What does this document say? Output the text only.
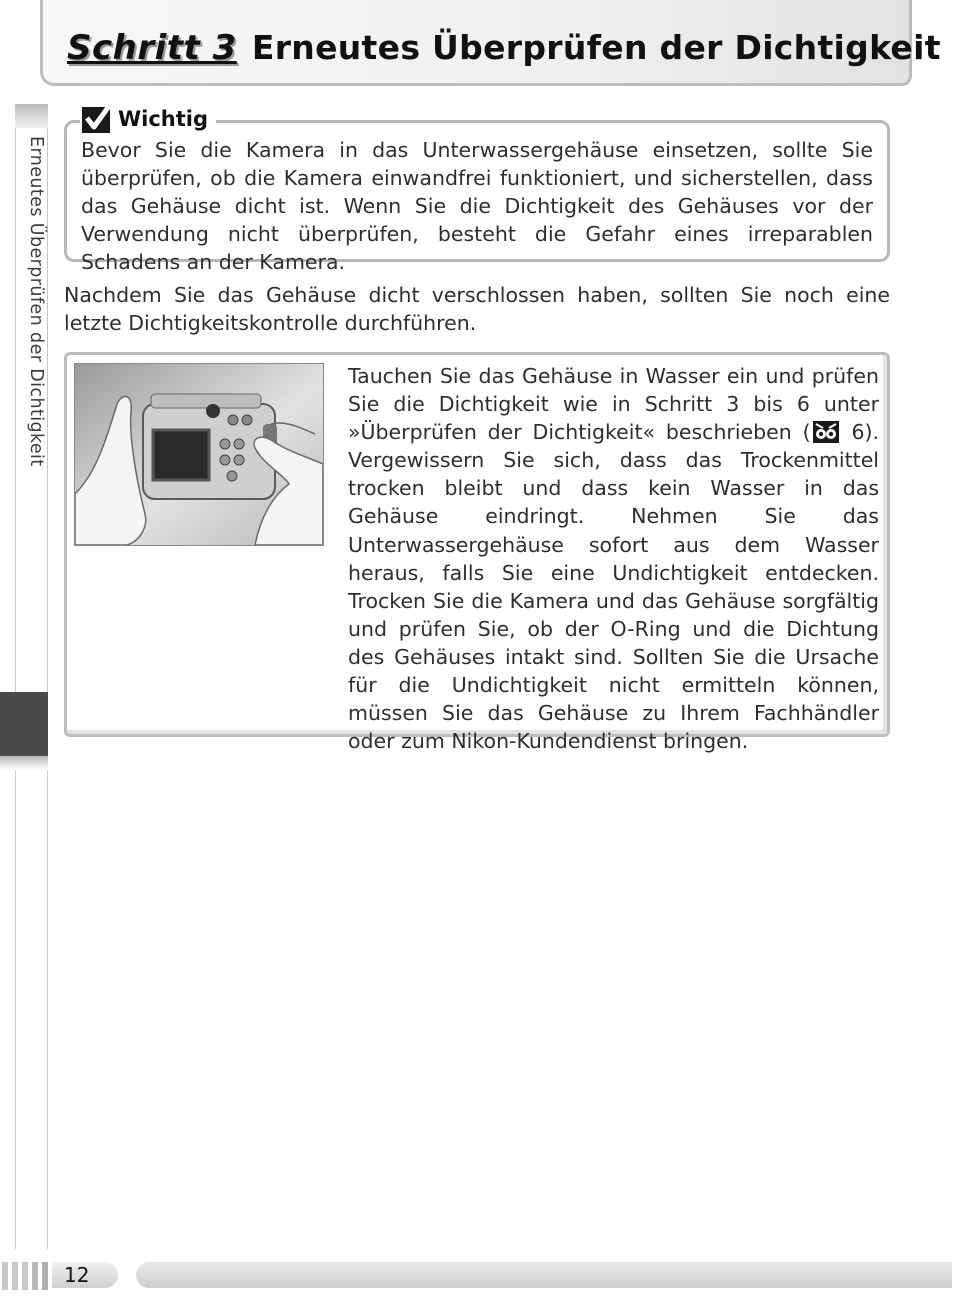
Schritt 3 Erneutes Überprüfen der Dichtigkeit
Erneutes Überprüfen der Dichtigkeit
Wichtig
Bevor Sie die Kamera in das Unterwassergehäuse einsetzen, sollte Sie überprüfen, ob die Kamera einwandfrei funktioniert, und sicherstellen, dass das Gehäuse dicht ist. Wenn Sie die Dichtigkeit des Gehäuses vor der Verwendung nicht überprüfen, besteht die Gefahr eines irreparablen Schadens an der Kamera.
Nachdem Sie das Gehäuse dicht verschlossen haben, sollten Sie noch eine letzte Dichtigkeitskontrolle durchführen.
Tauchen Sie das Gehäuse in Wasser ein und prüfen Sie die Dichtigkeit wie in Schritt 3 bis 6 unter »Überprüfen der Dichtigkeit« beschrieben ( 6). Vergewissern Sie sich, dass das Trockenmittel trocken bleibt und dass kein Wasser in das Gehäuse eindringt. Nehmen Sie das Unterwassergehäuse sofort aus dem Wasser heraus, falls Sie eine Undichtigkeit entdecken. Trocken Sie die Kamera und das Gehäuse sorgfältig und prüfen Sie, ob der O-Ring und die Dichtung des Gehäuses intakt sind. Sollten Sie die Ursache für die Undichtigkeit nicht ermitteln können, müssen Sie das Gehäuse zu Ihrem Fachhändler oder zum Nikon-Kundendienst bringen.
12
